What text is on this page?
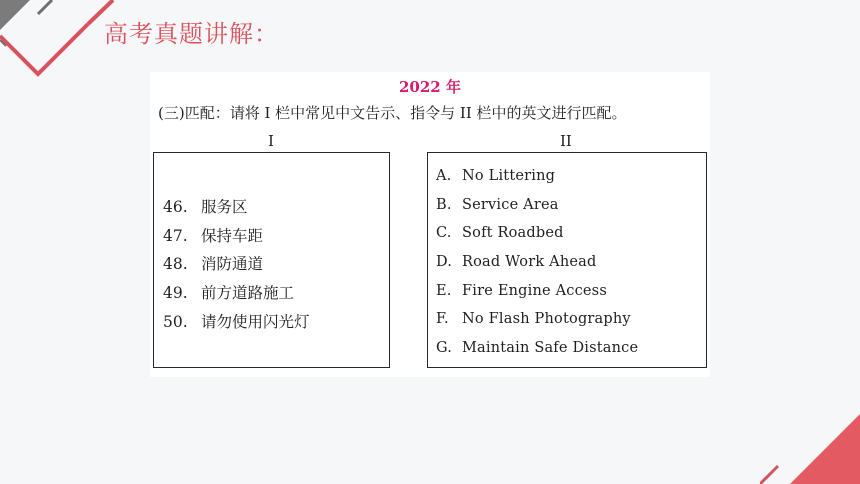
高考真题讲解：
2022 年
(三)匹配：请将 I 栏中常见中文告示、指令与 II 栏中的英文进行匹配。
I	II
46. 服务区
47. 保持车距
48. 消防通道
49. 前方道路施工
50. 请勿使用闪光灯
A. No Littering
B. Service Area
C. Soft Roadbed
D. Road Work Ahead
E. Fire Engine Access
F. No Flash Photography
G. Maintain Safe Distance
